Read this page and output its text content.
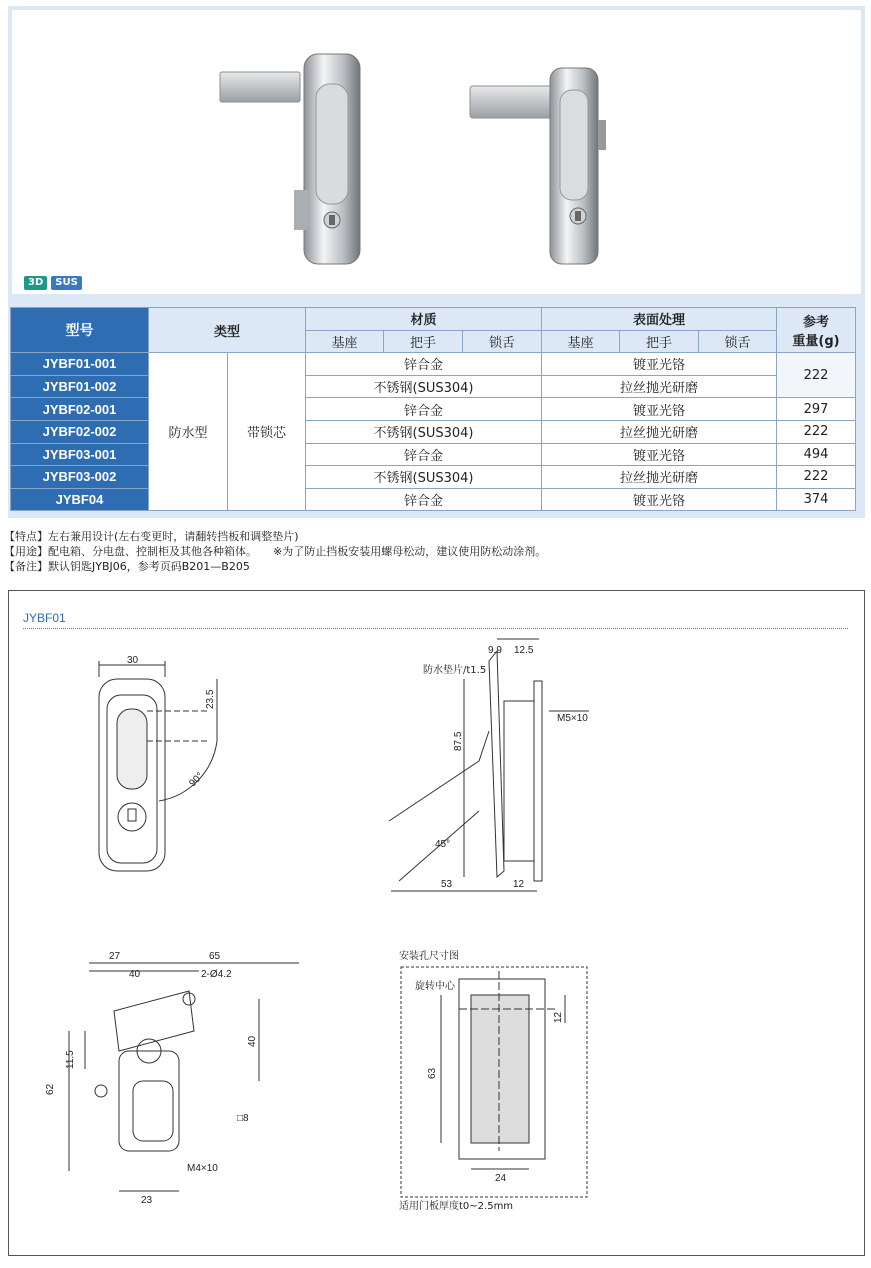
3D	SUS
型号	类型		材质			表面处理			参考
重量(g)
			基座	把手	锁舌	基座	把手	锁舌	
JYBF01-001	防水型	带锁芯	锌合金			镀亚光铬			222
JYBF01-002			不锈钢(SUS304)			拉丝抛光研磨			
JYBF02-001			锌合金			镀亚光铬			297
JYBF02-002			不锈钢(SUS304)			拉丝抛光研磨			222
JYBF03-001			锌合金			镀亚光铬			494
JYBF03-002			不锈钢(SUS304)			拉丝抛光研磨			222
JYBF04			锌合金			镀亚光铬			374
【特点】左右兼用设计(左右变更时，请翻转挡板和调整垫片)
【用途】配电箱、分电盘、控制柜及其他各种箱体。 ※为了防止挡板安装用螺母松动，建议使用防松动涂剂。
【备注】默认钥匙JYBJ06，参考页码B201—B205
JYBF01
30
23.5
90°
9.9 12.5
防水垫片/t1.5
M5×10
87.5
45°
53	12
27	65
40	2-Ø4.2
40
11.5
62
□8
M4×10
23
安装孔尺寸图
旋转中心
12
63
24
适用门板厚度t0~2.5mm
